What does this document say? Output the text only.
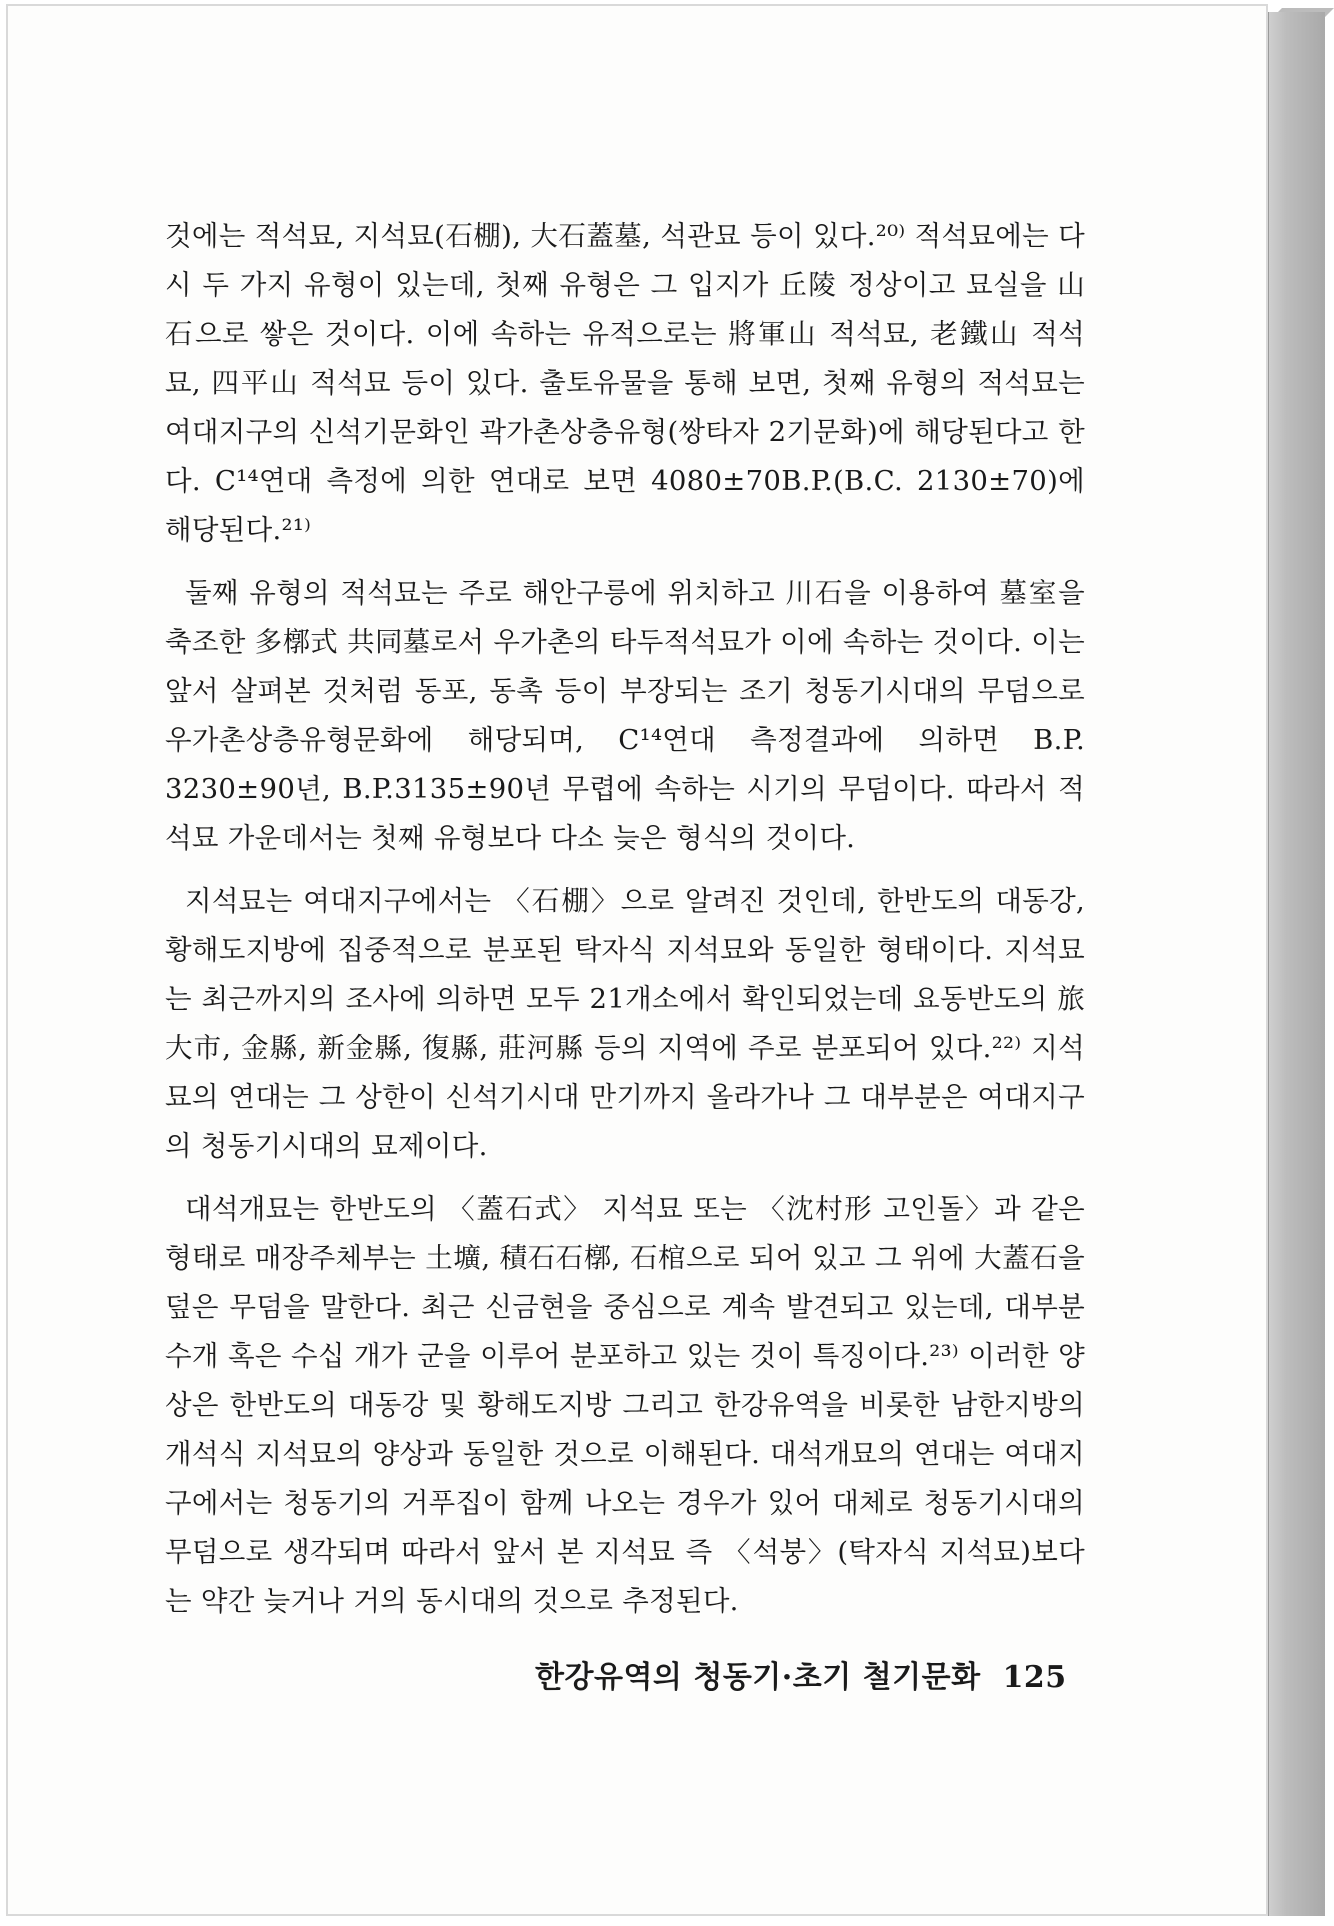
것에는 적석묘, 지석묘(石棚), 大石蓋墓, 석관묘 등이 있다.²⁰⁾ 적석묘에는 다시 두 가지 유형이 있는데, 첫째 유형은 그 입지가 丘陵 정상이고 묘실을 山石으로 쌓은 것이다. 이에 속하는 유적으로는 將軍山 적석묘, 老鐵山 적석묘, 四平山 적석묘 등이 있다. 출토유물을 통해 보면, 첫째 유형의 적석묘는 여대지구의 신석기문화인 곽가촌상층유형(쌍타자 2기문화)에 해당된다고 한다. C¹⁴연대 측정에 의한 연대로 보면 4080±70B.P.(B.C. 2130±70)에 해당된다.²¹⁾

둘째 유형의 적석묘는 주로 해안구릉에 위치하고 川石을 이용하여 墓室을 축조한 多槨式 共同墓로서 우가촌의 타두적석묘가 이에 속하는 것이다. 이는 앞서 살펴본 것처럼 동포, 동촉 등이 부장되는 조기 청동기시대의 무덤으로 우가촌상층유형문화에 해당되며, C¹⁴연대 측정결과에 의하면 B.P. 3230±90년, B.P.3135±90년 무렵에 속하는 시기의 무덤이다. 따라서 적석묘 가운데서는 첫째 유형보다 다소 늦은 형식의 것이다.

지석묘는 여대지구에서는 〈石棚〉으로 알려진 것인데, 한반도의 대동강, 황해도지방에 집중적으로 분포된 탁자식 지석묘와 동일한 형태이다. 지석묘는 최근까지의 조사에 의하면 모두 21개소에서 확인되었는데 요동반도의 旅大市, 金縣, 新金縣, 復縣, 莊河縣 등의 지역에 주로 분포되어 있다.²²⁾ 지석묘의 연대는 그 상한이 신석기시대 만기까지 올라가나 그 대부분은 여대지구의 청동기시대의 묘제이다.

대석개묘는 한반도의 〈蓋石式〉 지석묘 또는 〈沈村形 고인돌〉과 같은 형태로 매장주체부는 土壙, 積石石槨, 石棺으로 되어 있고 그 위에 大蓋石을 덮은 무덤을 말한다. 최근 신금현을 중심으로 계속 발견되고 있는데, 대부분 수개 혹은 수십 개가 군을 이루어 분포하고 있는 것이 특징이다.²³⁾ 이러한 양상은 한반도의 대동강 및 황해도지방 그리고 한강유역을 비롯한 남한지방의 개석식 지석묘의 양상과 동일한 것으로 이해된다. 대석개묘의 연대는 여대지구에서는 청동기의 거푸집이 함께 나오는 경우가 있어 대체로 청동기시대의 무덤으로 생각되며 따라서 앞서 본 지석묘 즉 〈석붕〉(탁자식 지석묘)보다는 약간 늦거나 거의 동시대의 것으로 추정된다.

한강유역의 청동기·초기 철기문화 125
